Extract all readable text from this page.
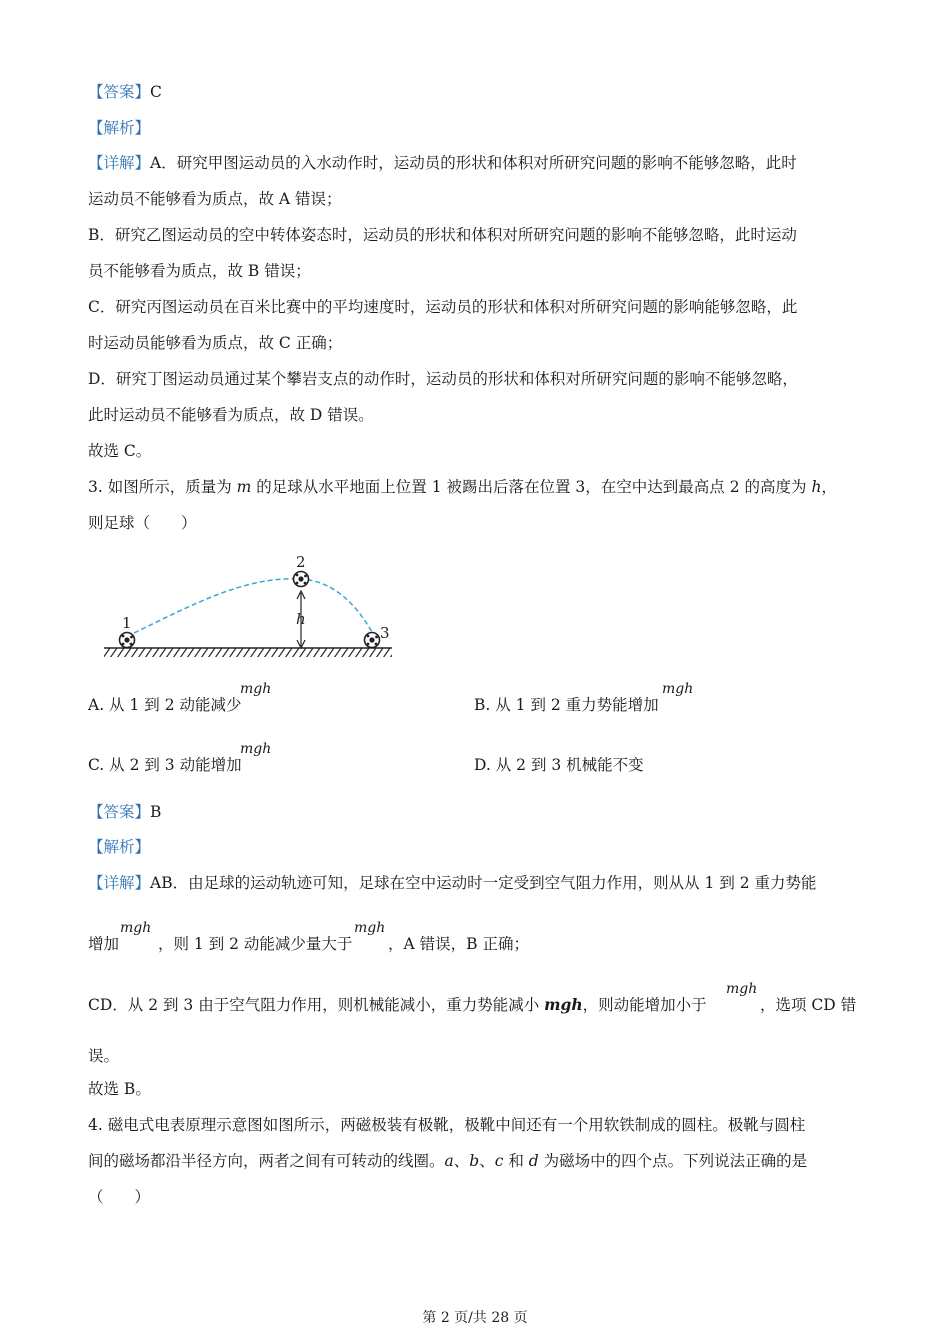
【答案】C
【解析】
【详解】A．研究甲图运动员的入水动作时，运动员的形状和体积对所研究问题的影响不能够忽略，此时
运动员不能够看为质点，故 A 错误；
B．研究乙图运动员的空中转体姿态时，运动员的形状和体积对所研究问题的影响不能够忽略，此时运动
员不能够看为质点，故 B 错误；
C．研究丙图运动员在百米比赛中的平均速度时，运动员的形状和体积对所研究问题的影响能够忽略，此
时运动员能够看为质点，故 C 正确；
D．研究丁图运动员通过某个攀岩支点的动作时，运动员的形状和体积对所研究问题的影响不能够忽略，
此时运动员不能够看为质点，故 D 错误。
故选 C。
3. 如图所示，质量为 m 的足球从水平地面上位置 1 被踢出后落在位置 3，在空中达到最高点 2 的高度为 h，
则足球（　　）
1
2
3
h
A. 从 1 到 2 动能减少
mgh
B. 从 1 到 2 重力势能增加
mgh
C. 从 2 到 3 动能增加
mgh
D. 从 2 到 3 机械能不变
【答案】B
【解析】
【详解】AB．由足球的运动轨迹可知，足球在空中运动时一定受到空气阻力作用，则从从 1 到 2 重力势能
增加
mgh
，则 1 到 2 动能减少量大于
mgh
，A 错误，B 正确；
CD．从 2 到 3 由于空气阻力作用，则机械能减小，重力势能减小 mgh，则动能增加小于
mgh
，选项 CD 错
误。
故选 B。
4. 磁电式电表原理示意图如图所示，两磁极装有极靴，极靴中间还有一个用软铁制成的圆柱。极靴与圆柱
间的磁场都沿半径方向，两者之间有可转动的线圈。a、b、c 和 d 为磁场中的四个点。下列说法正确的是
（　　）
第 2 页/共 28 页
